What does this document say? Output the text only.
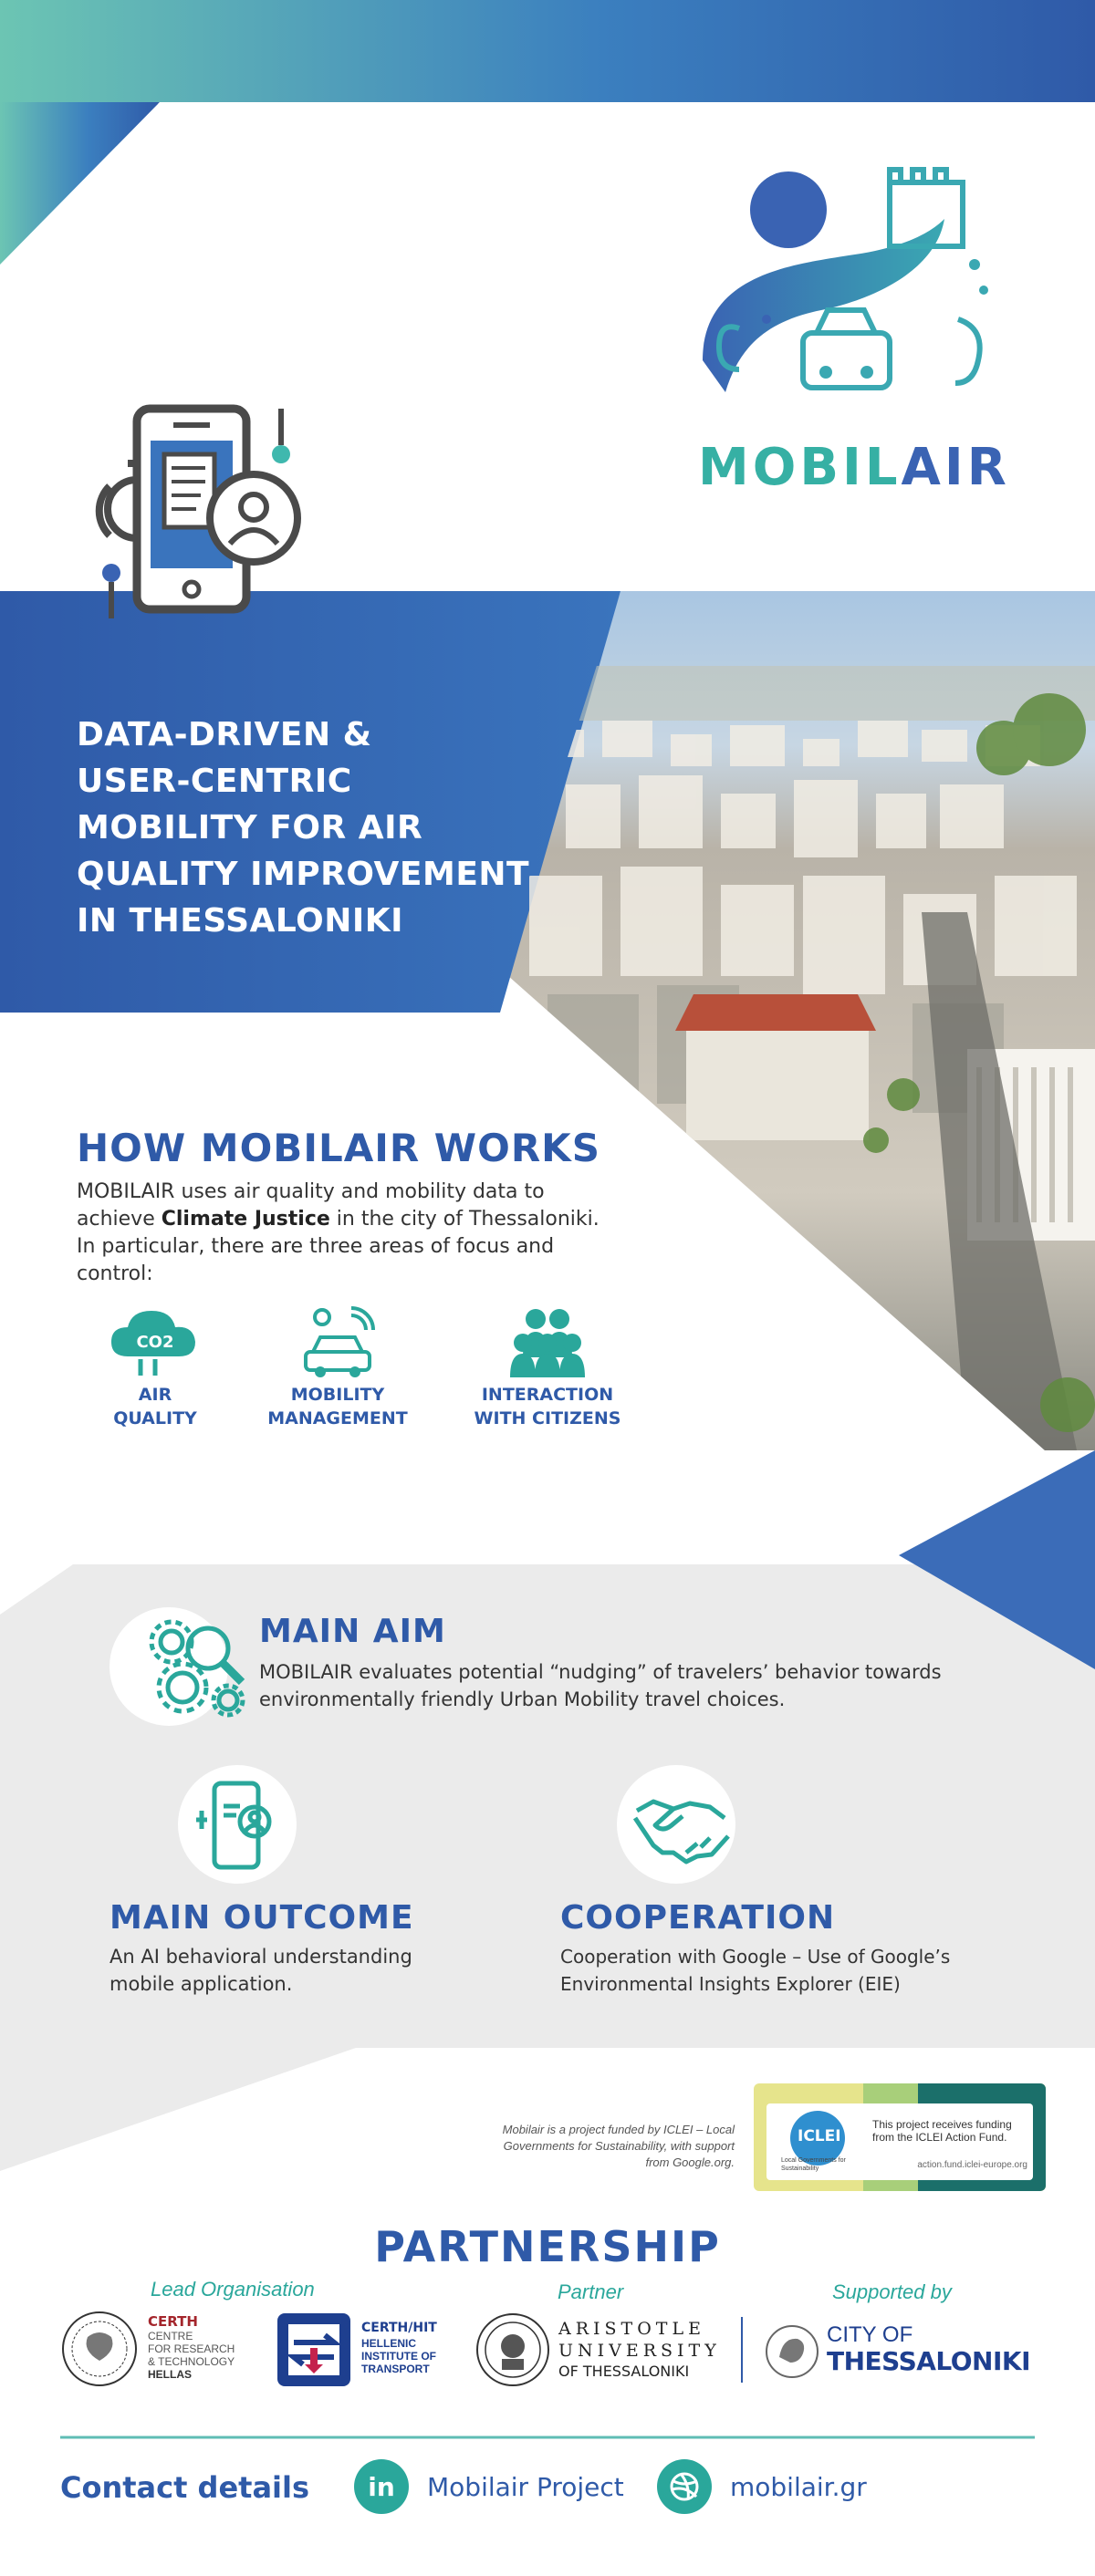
MOBILAIR
DATA-DRIVEN &
USER-CENTRIC
MOBILITY FOR AIR
QUALITY IMPROVEMENT
IN THESSALONIKI
HOW MOBILAIR WORKS
MOBILAIR uses air quality and mobility data to achieve Climate Justice in the city of Thessaloniki. In particular, there are three areas of focus and control:
CO2
AIR
QUALITY
MOBILITY
MANAGEMENT
INTERACTION
WITH CITIZENS
MAIN AIM
MOBILAIR evaluates potential “nudging” of travelers’ behavior towards environmentally friendly Urban Mobility travel choices.
MAIN OUTCOME
An AI behavioral understanding mobile application.
COOPERATION
Cooperation with Google – Use of Google’s Environmental Insights Explorer (EIE)
Mobilair is a project funded by ICLEI – Local Governments for Sustainability, with support from Google.org.
ICLEI
Local Governments for Sustainability
This project receives funding from the ICLEI Action Fund.
action.fund.iclei-europe.org
PARTNERSHIP
Lead Organisation	Partner	Supported by
CERTH
CENTRE
FOR RESEARCH
& TECHNOLOGY
HELLAS
CERTH/HIT
HELLENIC
INSTITUTE OF
TRANSPORT
ARISTOTLE
UNIVERSITY
OF THESSALONIKI
CITY OF
THESSALONIKI
Contact details in Mobilair Project	mobilair.gr
